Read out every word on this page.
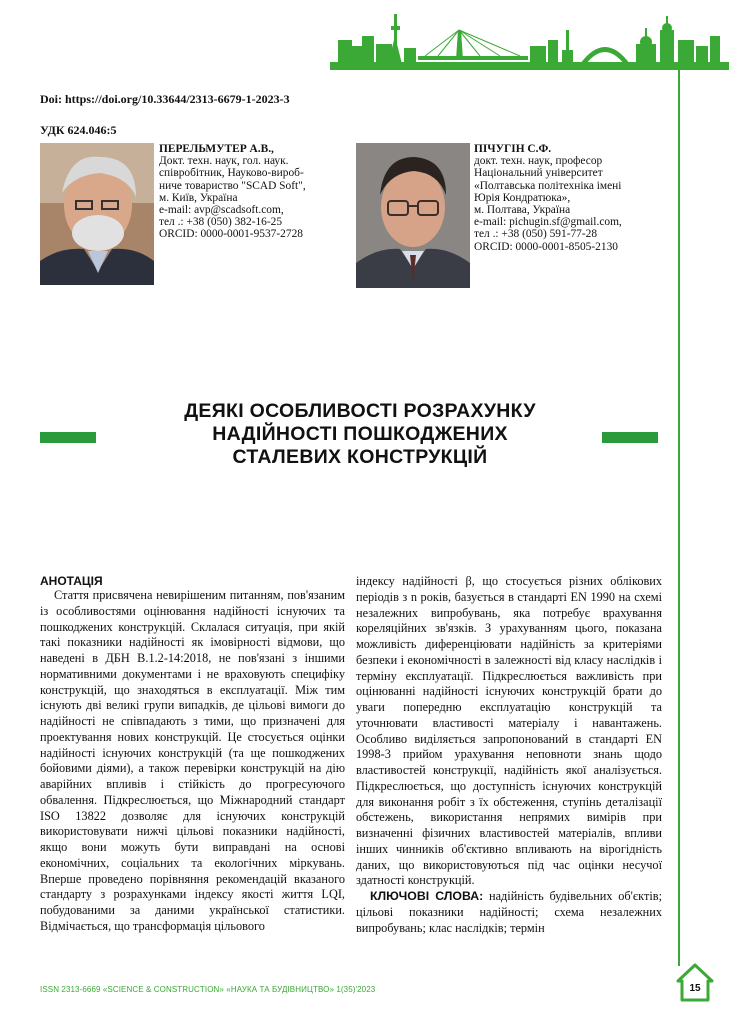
Doi: https://doi.org/10.33644/2313-6679-1-2023-3
УДК 624.046:5
ПЕРЕЛЬМУТЕР А.В.,
Докт. техн. наук, гол. наук.
співробітник, Науково-вироб-
ниче товариство "SCAD Soft",
м. Київ, Україна
e-mail: avp@scadsoft.com,
тел .: +38 (050) 382-16-25
ORCID: 0000-0001-9537-2728
ПІЧУГІН С.Ф.
докт. техн. наук, професор
Національний університет
«Полтавська політехніка імені
Юрія Кондратюка»,
м. Полтава, Україна
e-mail: pichugin.sf@gmail.com,
тел .: +38 (050) 591-77-28
ORCID: 0000-0001-8505-2130
ДЕЯКІ ОСОБЛИВОСТІ РОЗРАХУНКУ
НАДІЙНОСТІ ПОШКОДЖЕНИХ
СТАЛЕВИХ КОНСТРУКЦІЙ
АНОТАЦІЯ
Стаття присвячена невирішеним питанням, пов'язаним із особливостями оцінювання надійності існуючих та пошкоджених конструкцій. Склалася ситуація, при якій такі показники надійності як імовірності відмови, що наведені в ДБН В.1.2-14:2018, не пов'язані з іншими нормативними документами і не враховують специфіку конструкцій, що знаходяться в експлуатації. Між тим існують дві великі групи випадків, де цільові вимоги до надійності не співпадають з тими, що призначені для проектування нових конструкцій. Це стосується оцінки надійності існуючих конструкцій (та ще пошкоджених бойовими діями), а також перевірки конструкцій на дію аварійних впливів і стійкість до прогресуючого обвалення. Підкреслюється, що Міжнародний стандарт ISO 13822 дозволяє для існуючих конструкцій використовувати нижчі цільові показники надійності, якщо вони можуть бути виправдані на основі економічних, соціальних та екологічних міркувань. Вперше проведено порівняння рекомендацій вказаного стандарту з розрахунками індексу якості життя LQI, побудованими за даними української статистики. Відмічається, що трансформація цільового
індексу надійності β, що стосується різних облікових періодів з n років, базується в стандарті EN 1990 на схемі незалежних випробувань, яка потребує врахування кореляційних зв'язків. З урахуванням цього, показана можливість диференціювати надійність за критеріями безпеки і економічності в залежності від класу наслідків і терміну експлуатації. Підкреслюється важливість при оцінюванні надійності існуючих конструкцій брати до уваги попередню експлуатацію конструкцій та уточнювати властивості матеріалу і навантажень. Особливо виділяється запропонований в стандарті EN 1998-3 прийом урахування неповноти знань щодо властивостей конструкції, надійність якої аналізується. Підкреслюється, що доступність існуючих конструкцій для виконання робіт з їх обстеження, ступінь деталізації обстежень, використання непрямих вимірів при визначенні фізичних властивостей матеріалів, впливи інших чинників об'єктивно впливають на вірогідність даних, що використовуються під час оцінки несучої здатності конструкцій.
КЛЮЧОВІ СЛОВА: надійність будівельних об'єктів; цільові показники надійності; схема незалежних випробувань; клас наслідків; термін
ISSN 2313-6669 «SCIENCE & CONSTRUCTION» «НАУКА ТА БУДІВНИЦТВО» 1(35)'2023	15
